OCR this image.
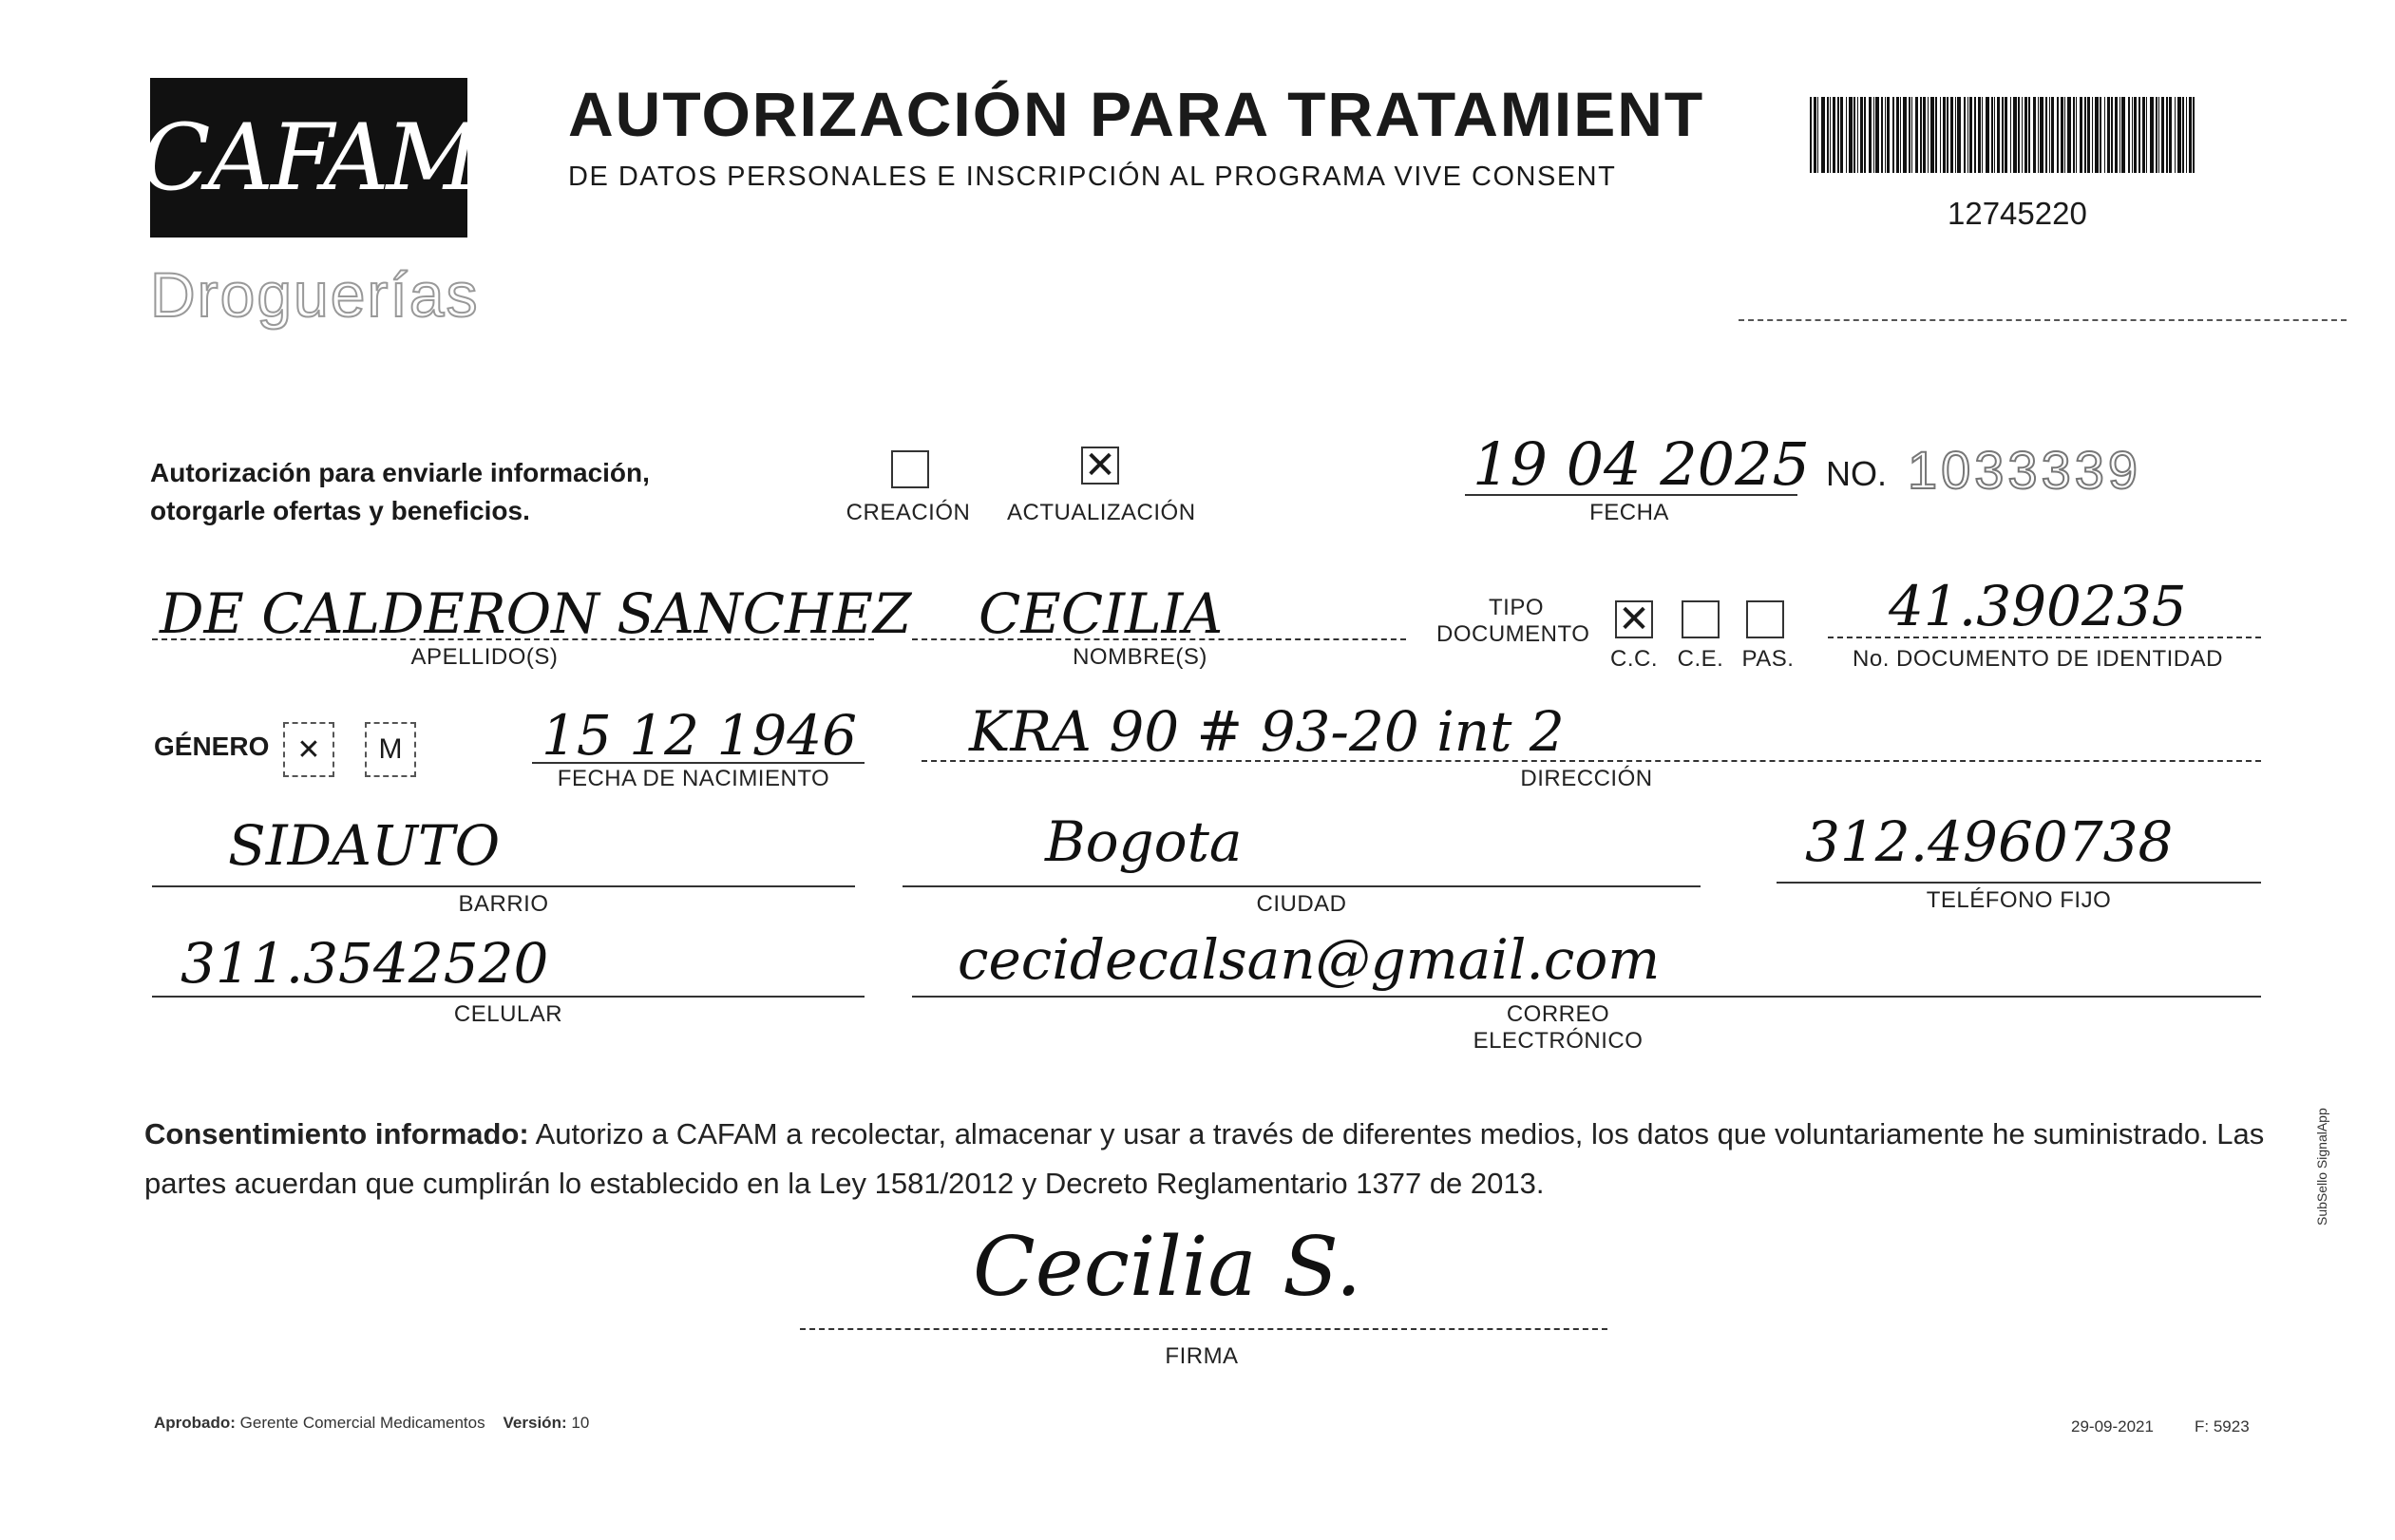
CAFAM
Droguerías
AUTORIZACIÓN PARA TRATAMIENT
DE DATOS PERSONALES E INSCRIPCIÓN AL PROGRAMA VIVE CONSENT
12745220
Autorización para enviarle información,
otorgarle ofertas y beneficios.	CREACIÓN
✕
ACTUALIZACIÓN
19 04 2025
FECHA
NO. 1033339
DE CALDERON SANCHEZ
APELLIDO(S)
CECILIA
NOMBRE(S)
TIPO
DOCUMENTO ✕
C.C. C.E. PAS.
41.390235
No. DOCUMENTO DE IDENTIDAD
GÉNERO ✕ M	15 12 1946
FECHA DE NACIMIENTO
KRA 90 # 93-20 int 2
DIRECCIÓN
SIDAUTO
BARRIO
Bogota
CIUDAD
312.4960738
TELÉFONO FIJO
311.3542520
CELULAR
cecidecalsan@gmail.com
CORREO ELECTRÓNICO
Consentimiento informado: Autorizo a CAFAM a recolectar, almacenar y usar a través de diferentes medios, los datos que voluntariamente he suministrado. Las partes acuerdan que cumplirán lo establecido en la Ley 1581/2012 y Decreto Reglamentario 1377 de 2013.
Cecilia S.
FIRMA
Aprobado: Gerente Comercial Medicamentos Versión: 10	29-09-2021	F: 5923
SubSello SignalApp
